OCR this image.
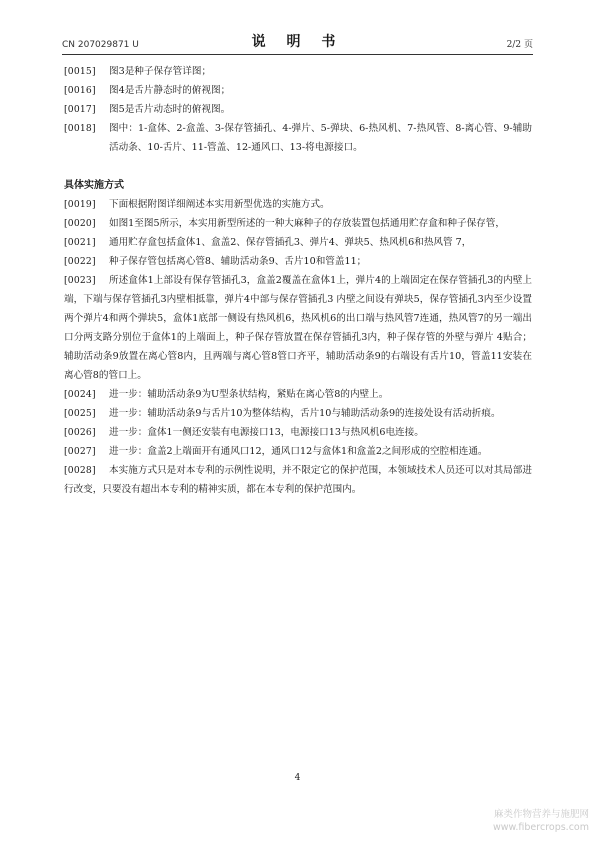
CN 207029871 U	说 明 书	2/2 页
[0015] 图3是种子保存管详图；
[0016] 图4是舌片静态时的俯视图；
[0017] 图5是舌片动态时的俯视图。
[0018] 图中：1-盒体、2-盒盖、3-保存管插孔、4-弹片、5-弹块、6-热风机、7-热风管、8-离心管、9-辅助活动条、10-舌片、11-管盖、12-通风口、13-将电源接口。
具体实施方式
[0019] 下面根据附图详细阐述本实用新型优选的实施方式。
[0020]	如图1至图5所示，本实用新型所述的一种大麻种子的存放装置包括通用贮存盒和种子保存管，
[0021] 通用贮存盒包括盒体1、盒盖2、保存管插孔3、弹片4、弹块5、热风机6和热风管 7，
[0022] 种子保存管包括离心管8、辅助活动条9、舌片10和管盖11；
[0023]	所述盒体1上部设有保存管插孔3，盒盖2覆盖在盒体1上，弹片4的上端固定在保存管插孔3的内壁上端，下端与保存管插孔3内壁相抵靠，弹片4中部与保存管插孔3 内壁之间设有弹块5，保存管插孔3内至少设置两个弹片4和两个弹块5，盒体1底部一侧设有热风机6，热风机6的出口端与热风管7连通，热风管7的另一端出口分两支路分别位于盒体1的上端面上，种子保存管放置在保存管插孔3内，种子保存管的外壁与弹片 4贴合；辅助活动条9放置在离心管8内，且两端与离心管8管口齐平，辅助活动条9的右端设有舌片10，管盖11安装在离心管8的管口上。
[0024] 进一步：辅助活动条9为U型条状结构，紧贴在离心管8的内壁上。
[0025]	进一步：辅助活动条9与舌片10为整体结构，舌片10与辅助活动条9的连接处设有活动折痕。
[0026] 进一步：盒体1一侧还安装有电源接口13，电源接口13与热风机6电连接。
[0027]	进一步：盒盖2上端面开有通风口12，通风口12与盒体1和盒盖2之间形成的空腔相连通。
[0028]	本实施方式只是对本专利的示例性说明，并不限定它的保护范围，本领域技术人员还可以对其局部进行改变，只要没有超出本专利的精神实质，都在本专利的保护范围内。
4
麻类作物营养与施肥网
www.fibercrops.com
